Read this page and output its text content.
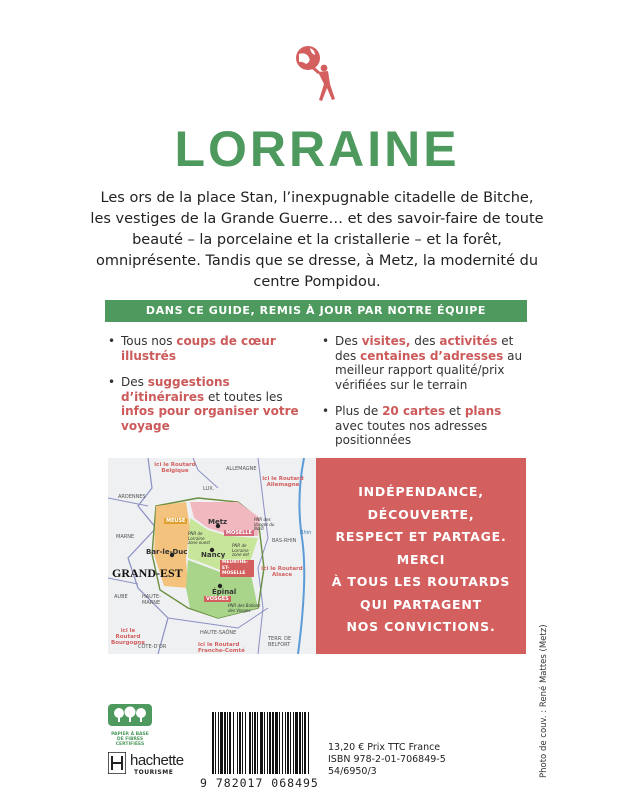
LORRAINE
Les ors de la place Stan, l’inexpugnable citadelle de Bitche, les vestiges de la Grande Guerre… et des savoir-faire de toute beauté – la porcelaine et la cristallerie – et la forêt, omniprésente. Tandis que se dresse, à Metz, la modernité du centre Pompidou.
DANS CE GUIDE, REMIS À JOUR PAR NOTRE ÉQUIPE
• Tous nos coups de cœur illustrés
• Des suggestions d’itinéraires et toutes les infos pour organiser votre voyage
• Des visites, des activités et des centaines d’adresses au meilleur rapport qualité/prix vérifiées sur le terrain
• Plus de 20 cartes et plans avec toutes nos adresses positionnées
ici le Routard Belgique	ALLEMAGNE
ici le Routard Allemagne
LUX.
ARDENNES
MARNE
AUBE	HAUTE-MARNE
HAUTE-SAÔNE
CÔTE-D’OR
TERR. DE BELFORT
BAS-RHIN
Rhin
ici le Routard Alsace
ici le Routard Bourgogne	ici le Routard Franche-Comté
MEUSE
MOSELLE
MEURTHE-ET-MOSELLE
VOSGES
Metz
Nancy
Bar-le-Duc
Épinal
PNR de Lorraine zone ouest
PNR de Lorraine zone est
PNR des Vosges du Nord
PNR des Ballons des Vosges
GRAND-EST
INDÉPENDANCE,
DÉCOUVERTE,
RESPECT ET PARTAGE. MERCI
À TOUS LES ROUTARDS
QUI PARTAGENT
NOS CONVICTIONS.	Photo de couv. : René Mattes (Metz)
PAPIER À BASE DE FIBRES CERTIFIÉES
hachette
TOURISME
9 782017 068495
13,20 € Prix TTC France
ISBN 978-2-01-706849-5
54/6950/3
